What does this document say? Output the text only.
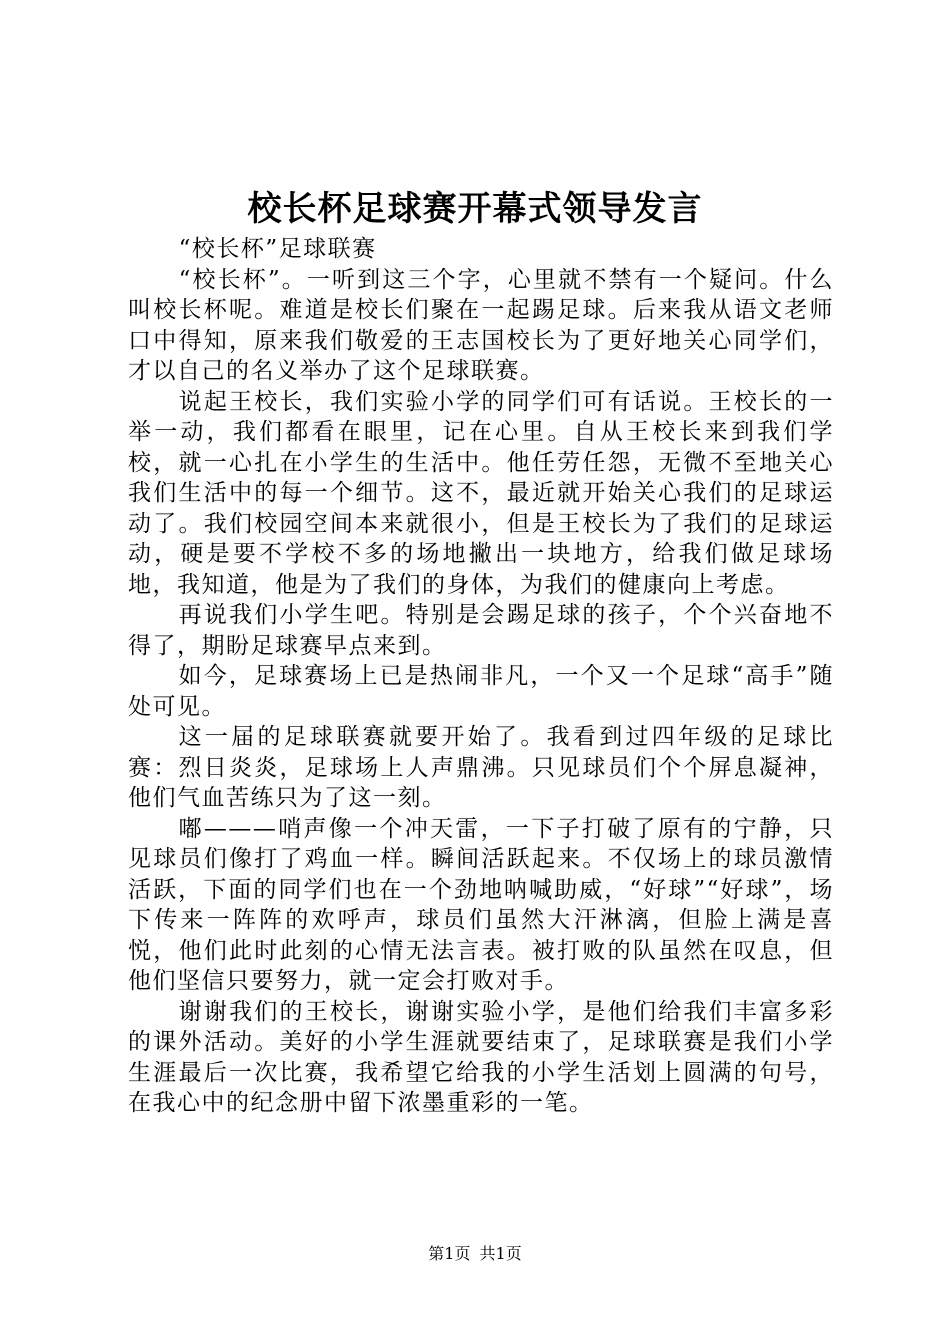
校长杯足球赛开幕式领导发言

“校长杯”足球联赛

“校长杯”。一听到这三个字，心里就不禁有一个疑问。什么叫校长杯呢。难道是校长们聚在一起踢足球。后来我从语文老师口中得知，原来我们敬爱的王志国校长为了更好地关心同学们，才以自己的名义举办了这个足球联赛。

说起王校长，我们实验小学的同学们可有话说。王校长的一举一动，我们都看在眼里，记在心里。自从王校长来到我们学校，就一心扎在小学生的生活中。他任劳任怨，无微不至地关心我们生活中的每一个细节。这不，最近就开始关心我们的足球运动了。我们校园空间本来就很小，但是王校长为了我们的足球运动，硬是要不学校不多的场地撇出一块地方，给我们做足球场地，我知道，他是为了我们的身体，为我们的健康向上考虑。

再说我们小学生吧。特别是会踢足球的孩子，个个兴奋地不得了，期盼足球赛早点来到。

如今，足球赛场上已是热闹非凡，一个又一个足球“高手”随处可见。

这一届的足球联赛就要开始了。我看到过四年级的足球比赛：烈日炎炎，足球场上人声鼎沸。只见球员们个个屏息凝神，他们气血苦练只为了这一刻。

嘟———哨声像一个冲天雷，一下子打破了原有的宁静，只见球员们像打了鸡血一样。瞬间活跃起来。不仅场上的球员激情活跃，下面的同学们也在一个劲地呐喊助威，“好球”“好球”，场下传来一阵阵的欢呼声，球员们虽然大汗淋漓，但脸上满是喜悦，他们此时此刻的心情无法言表。被打败的队虽然在叹息，但他们坚信只要努力，就一定会打败对手。

谢谢我们的王校长，谢谢实验小学，是他们给我们丰富多彩的课外活动。美好的小学生涯就要结束了，足球联赛是我们小学生涯最后一次比赛，我希望它给我的小学生活划上圆满的句号，在我心中的纪念册中留下浓墨重彩的一笔。

第1页 共1页
